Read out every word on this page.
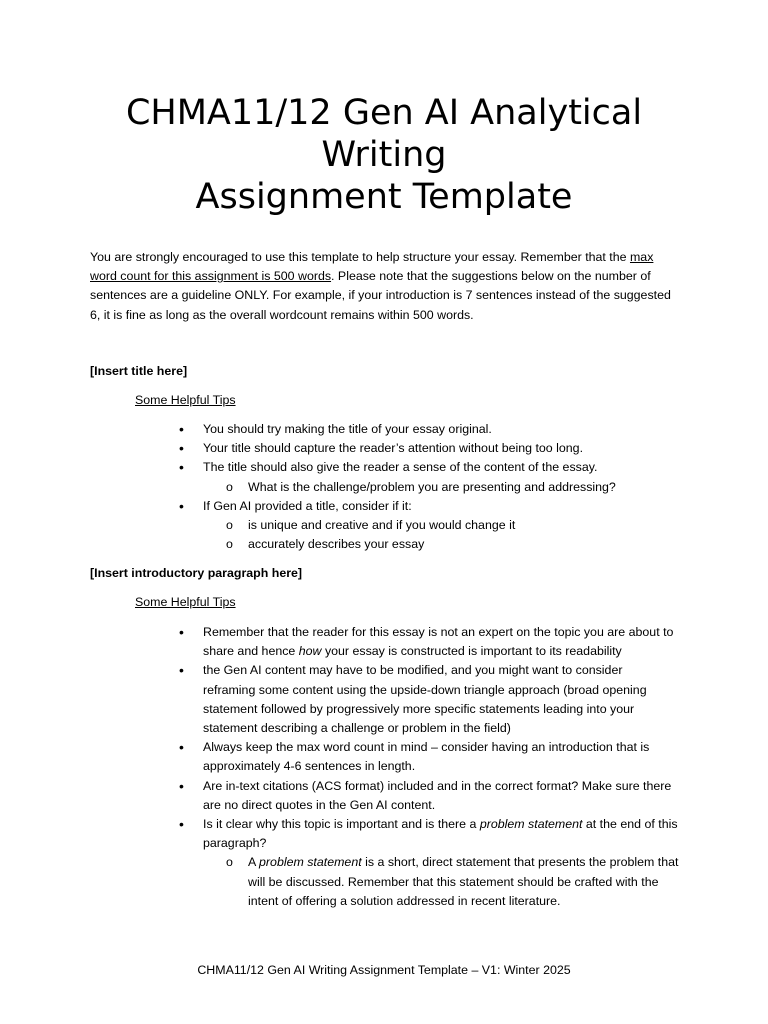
CHMA11/12 Gen AI Analytical
Writing
Assignment Template

You are strongly encouraged to use this template to help structure your essay. Remember that the max word count for this assignment is 500 words. Please note that the suggestions below on the number of sentences are a guideline ONLY. For example, if your introduction is 7 sentences instead of the suggested 6, it is fine as long as the overall wordcount remains within 500 words.

[Insert title here]

Some Helpful Tips

• You should try making the title of your essay original.
• Your title should capture the reader’s attention without being too long.
• The title should also give the reader a sense of the content of the essay.
o What is the challenge/problem you are presenting and addressing?
• If Gen AI provided a title, consider if it:
o is unique and creative and if you would change it
o accurately describes your essay

[Insert introductory paragraph here]

Some Helpful Tips

• Remember that the reader for this essay is not an expert on the topic you are about to share and hence how your essay is constructed is important to its readability
• the Gen AI content may have to be modified, and you might want to consider reframing some content using the upside-down triangle approach (broad opening statement followed by progressively more specific statements leading into your statement describing a challenge or problem in the field)
• Always keep the max word count in mind – consider having an introduction that is approximately 4-6 sentences in length.
• Are in-text citations (ACS format) included and in the correct format? Make sure there are no direct quotes in the Gen AI content.
• Is it clear why this topic is important and is there a problem statement at the end of this paragraph?
o A problem statement is a short, direct statement that presents the problem that will be discussed. Remember that this statement should be crafted with the intent of offering a solution addressed in recent literature.

CHMA11/12 Gen AI Writing Assignment Template – V1: Winter 2025
